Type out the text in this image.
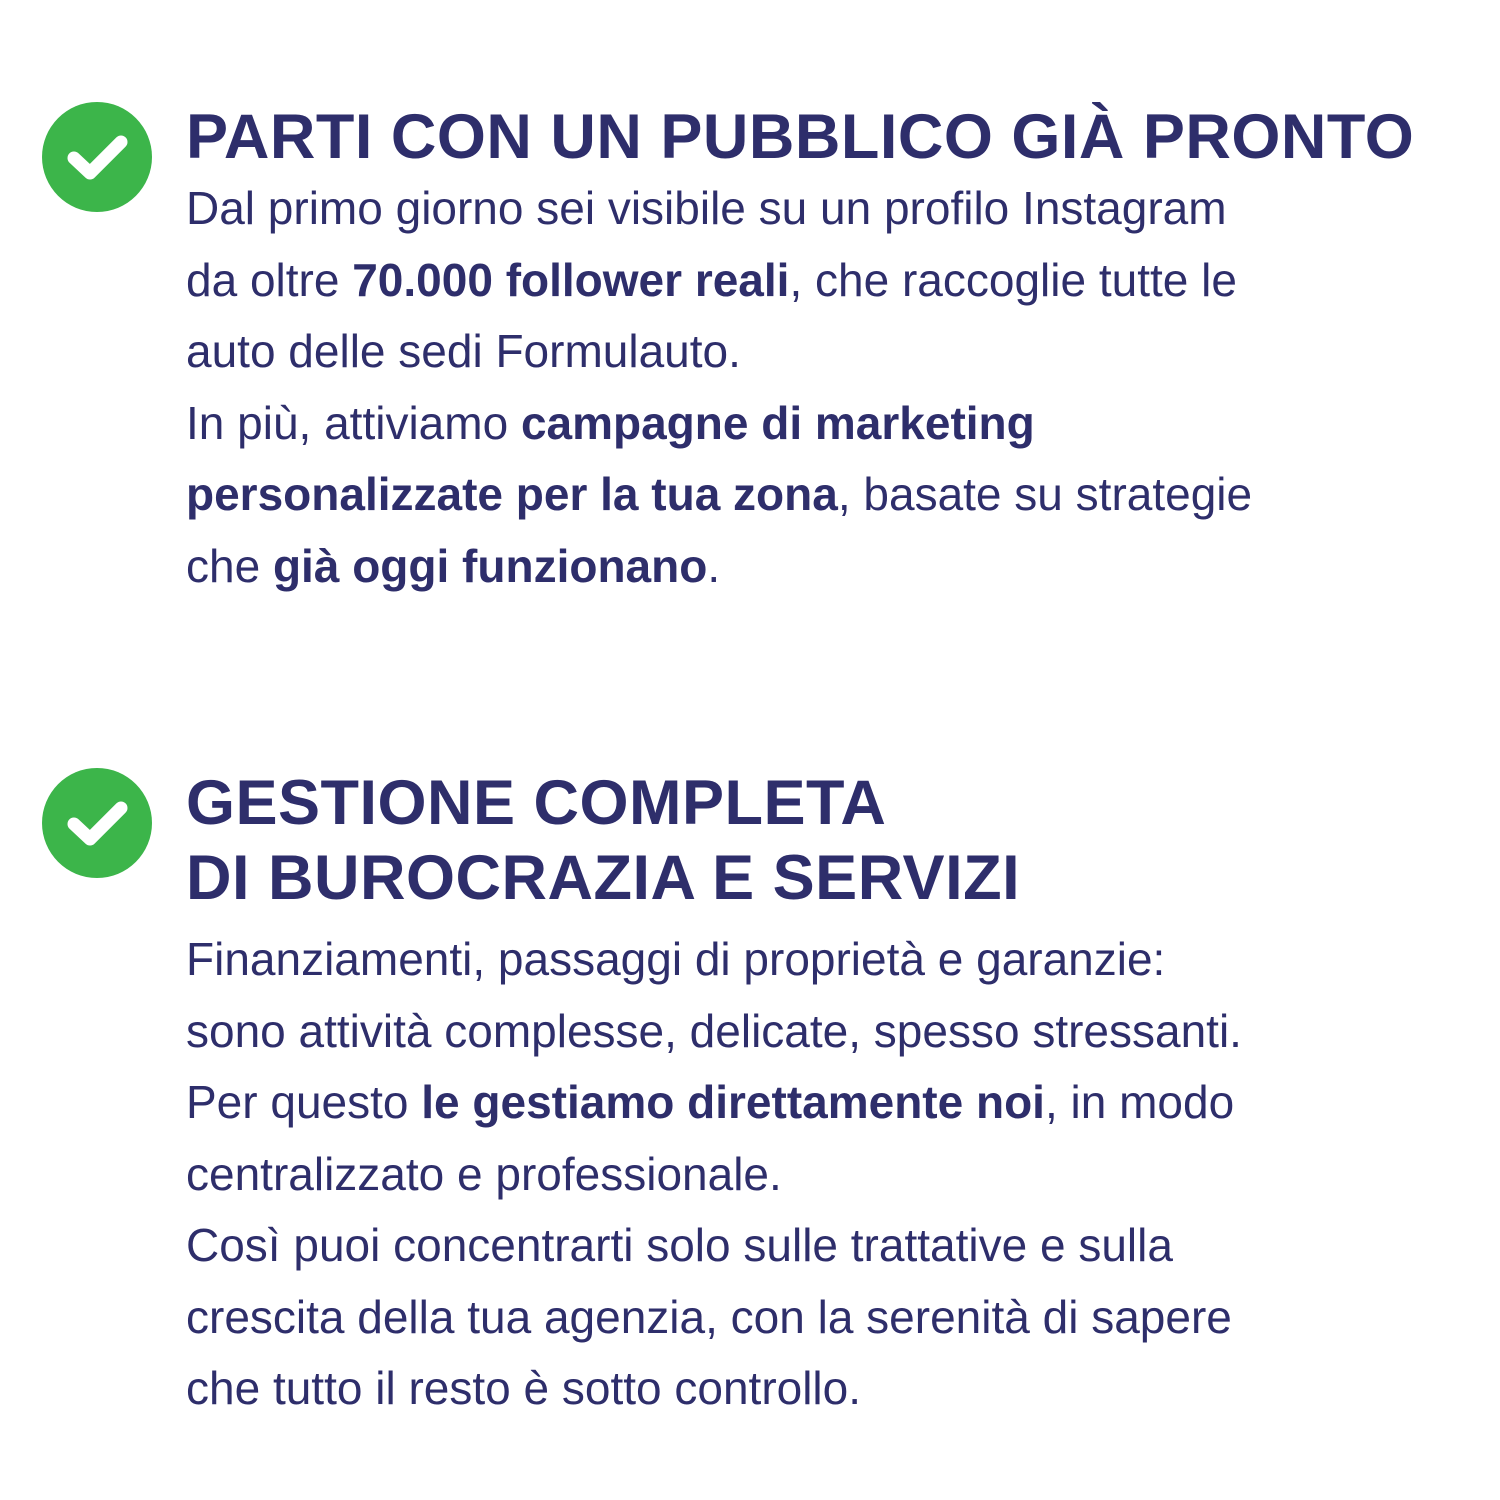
PARTI CON UN PUBBLICO GIÀ PRONTO

Dal primo giorno sei visibile su un profilo Instagram
da oltre 70.000 follower reali, che raccoglie tutte le
auto delle sedi Formulauto.
In più, attiviamo campagne di marketing
personalizzate per la tua zona, basate su strategie
che già oggi funzionano.

GESTIONE COMPLETA
DI BUROCRAZIA E SERVIZI

Finanziamenti, passaggi di proprietà e garanzie:
sono attività complesse, delicate, spesso stressanti.
Per questo le gestiamo direttamente noi, in modo
centralizzato e professionale.
Così puoi concentrarti solo sulle trattative e sulla
crescita della tua agenzia, con la serenità di sapere
che tutto il resto è sotto controllo.
